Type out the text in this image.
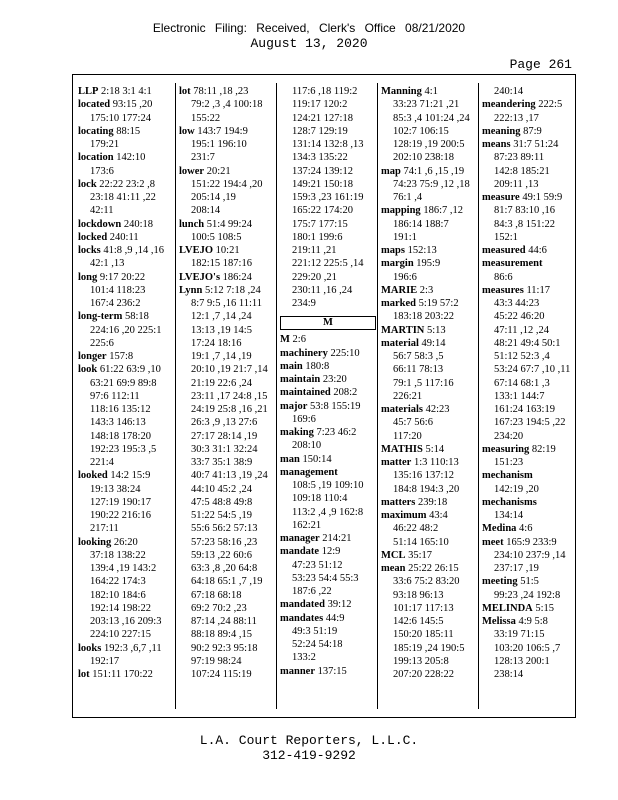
Electronic Filing: Received, Clerk's Office 08/21/2020
August 13, 2020
Page 261
LLP 2:18 3:1 4:1
located 93:15 ,20
175:10 177:24
locating 88:15
179:21
location 142:10
173:6
lock 22:22 23:2 ,8
23:18 41:11 ,22
42:11
lockdown 240:18
locked 240:11
locks 41:8 ,9 ,14 ,16
42:1 ,13
long 9:17 20:22
101:4 118:23
167:4 236:2
long-term 58:18
224:16 ,20 225:1
225:6
longer 157:8
look 61:22 63:9 ,10
63:21 69:9 89:8
97:6 112:11
118:16 135:12
143:3 146:13
148:18 178:20
192:23 195:3 ,5
221:4
looked 14:2 15:9
19:13 38:24
127:19 190:17
190:22 216:16
217:11
looking 26:20
37:18 138:22
139:4 ,19 143:2
164:22 174:3
182:10 184:6
192:14 198:22
203:13 ,16 209:3
224:10 227:15
looks 192:3 ,6,7 ,11
192:17
lot 151:11 170:22
lot 78:11 ,18 ,23
79:2 ,3 ,4 100:18
155:22
low 143:7 194:9
195:1 196:10
231:7
lower 20:21
151:22 194:4 ,20
205:14 ,19
208:14
lunch 51:4 99:24
100:5 108:5
LVEJO 10:21
182:15 187:16
LVEJO's 186:24
Lynn 5:12 7:18 ,24
8:7 9:5 ,16 11:11
12:1 ,7 ,14 ,24
13:13 ,19 14:5
17:24 18:16
19:1 ,7 ,14 ,19
20:10 ,19 21:7 ,14
21:19 22:6 ,24
23:11 ,17 24:8 ,15
24:19 25:8 ,16 ,21
26:3 ,9 ,13 27:6
27:17 28:14 ,19
30:3 31:1 32:24
33:7 35:1 38:9
40:7 41:13 ,19 ,24
44:10 45:2 ,24
47:5 48:8 49:8
51:22 54:5 ,19
55:6 56:2 57:13
57:23 58:16 ,23
59:13 ,22 60:6
63:3 ,8 ,20 64:8
64:18 65:1 ,7 ,19
67:18 68:18
69:2 70:2 ,23
87:14 ,24 88:11
88:18 89:4 ,15
90:2 92:3 95:18
97:19 98:24
107:24 115:19
117:6 ,18 119:2
119:17 120:2
124:21 127:18
128:7 129:19
131:14 132:8 ,13
134:3 135:22
137:24 139:12
149:21 150:18
159:3 ,23 161:19
165:22 174:20
175:7 177:15
180:1 199:6
219:11 ,21
221:12 225:5 ,14
229:20 ,21
230:11 ,16 ,24
234:9
M
M 2:6
machinery 225:10
main 180:8
maintain 23:20
maintained 208:2
major 53:8 155:19
169:6
making 7:23 46:2
208:10
man 150:14
management
108:5 ,19 109:10
109:18 110:4
113:2 ,4 ,9 162:8
162:21
manager 214:21
mandate 12:9
47:23 51:12
53:23 54:4 55:3
187:6 ,22
mandated 39:12
mandates 44:9
49:3 51:19
52:24 54:18
133:2
manner 137:15
Manning 4:1
33:23 71:21 ,21
85:3 ,4 101:24 ,24
102:7 106:15
128:19 ,19 200:5
202:10 238:18
map 74:1 ,6 ,15 ,19
74:23 75:9 ,12 ,18
76:1 ,4
mapping 186:7 ,12
186:14 188:7
191:1
maps 152:13
margin 195:9
196:6
MARIE 2:3
marked 5:19 57:2
183:18 203:22
MARTIN 5:13
material 49:14
56:7 58:3 ,5
66:11 78:13
79:1 ,5 117:16
226:21
materials 42:23
45:7 56:6
117:20
MATHIS 5:14
matter 1:3 110:13
135:16 137:12
184:8 194:3 ,20
matters 239:18
maximum 43:4
46:22 48:2
51:14 165:10
MCL 35:17
mean 25:22 26:15
33:6 75:2 83:20
93:18 96:13
101:17 117:13
142:6 145:5
150:20 185:11
185:19 ,24 190:5
199:13 205:8
207:20 228:22
240:14
meandering 222:5
222:13 ,17
meaning 87:9
means 31:7 51:24
87:23 89:11
142:8 185:21
209:11 ,13
measure 49:1 59:9
81:7 83:10 ,16
84:3 ,8 151:22
152:1
measured 44:6
measurement
86:6
measures 11:17
43:3 44:23
45:22 46:20
47:11 ,12 ,24
48:21 49:4 50:1
51:12 52:3 ,4
53:24 67:7 ,10 ,11
67:14 68:1 ,3
133:1 144:7
161:24 163:19
167:23 194:5 ,22
234:20
measuring 82:19
151:23
mechanism
142:19 ,20
mechanisms
134:14
Medina 4:6
meet 165:9 233:9
234:10 237:9 ,14
237:17 ,19
meeting 51:5
99:23 ,24 192:8
MELINDA 5:15
Melissa 4:9 5:8
33:19 71:15
103:20 106:5 ,7
128:13 200:1
238:14
L.A. Court Reporters, L.L.C.
312-419-9292
